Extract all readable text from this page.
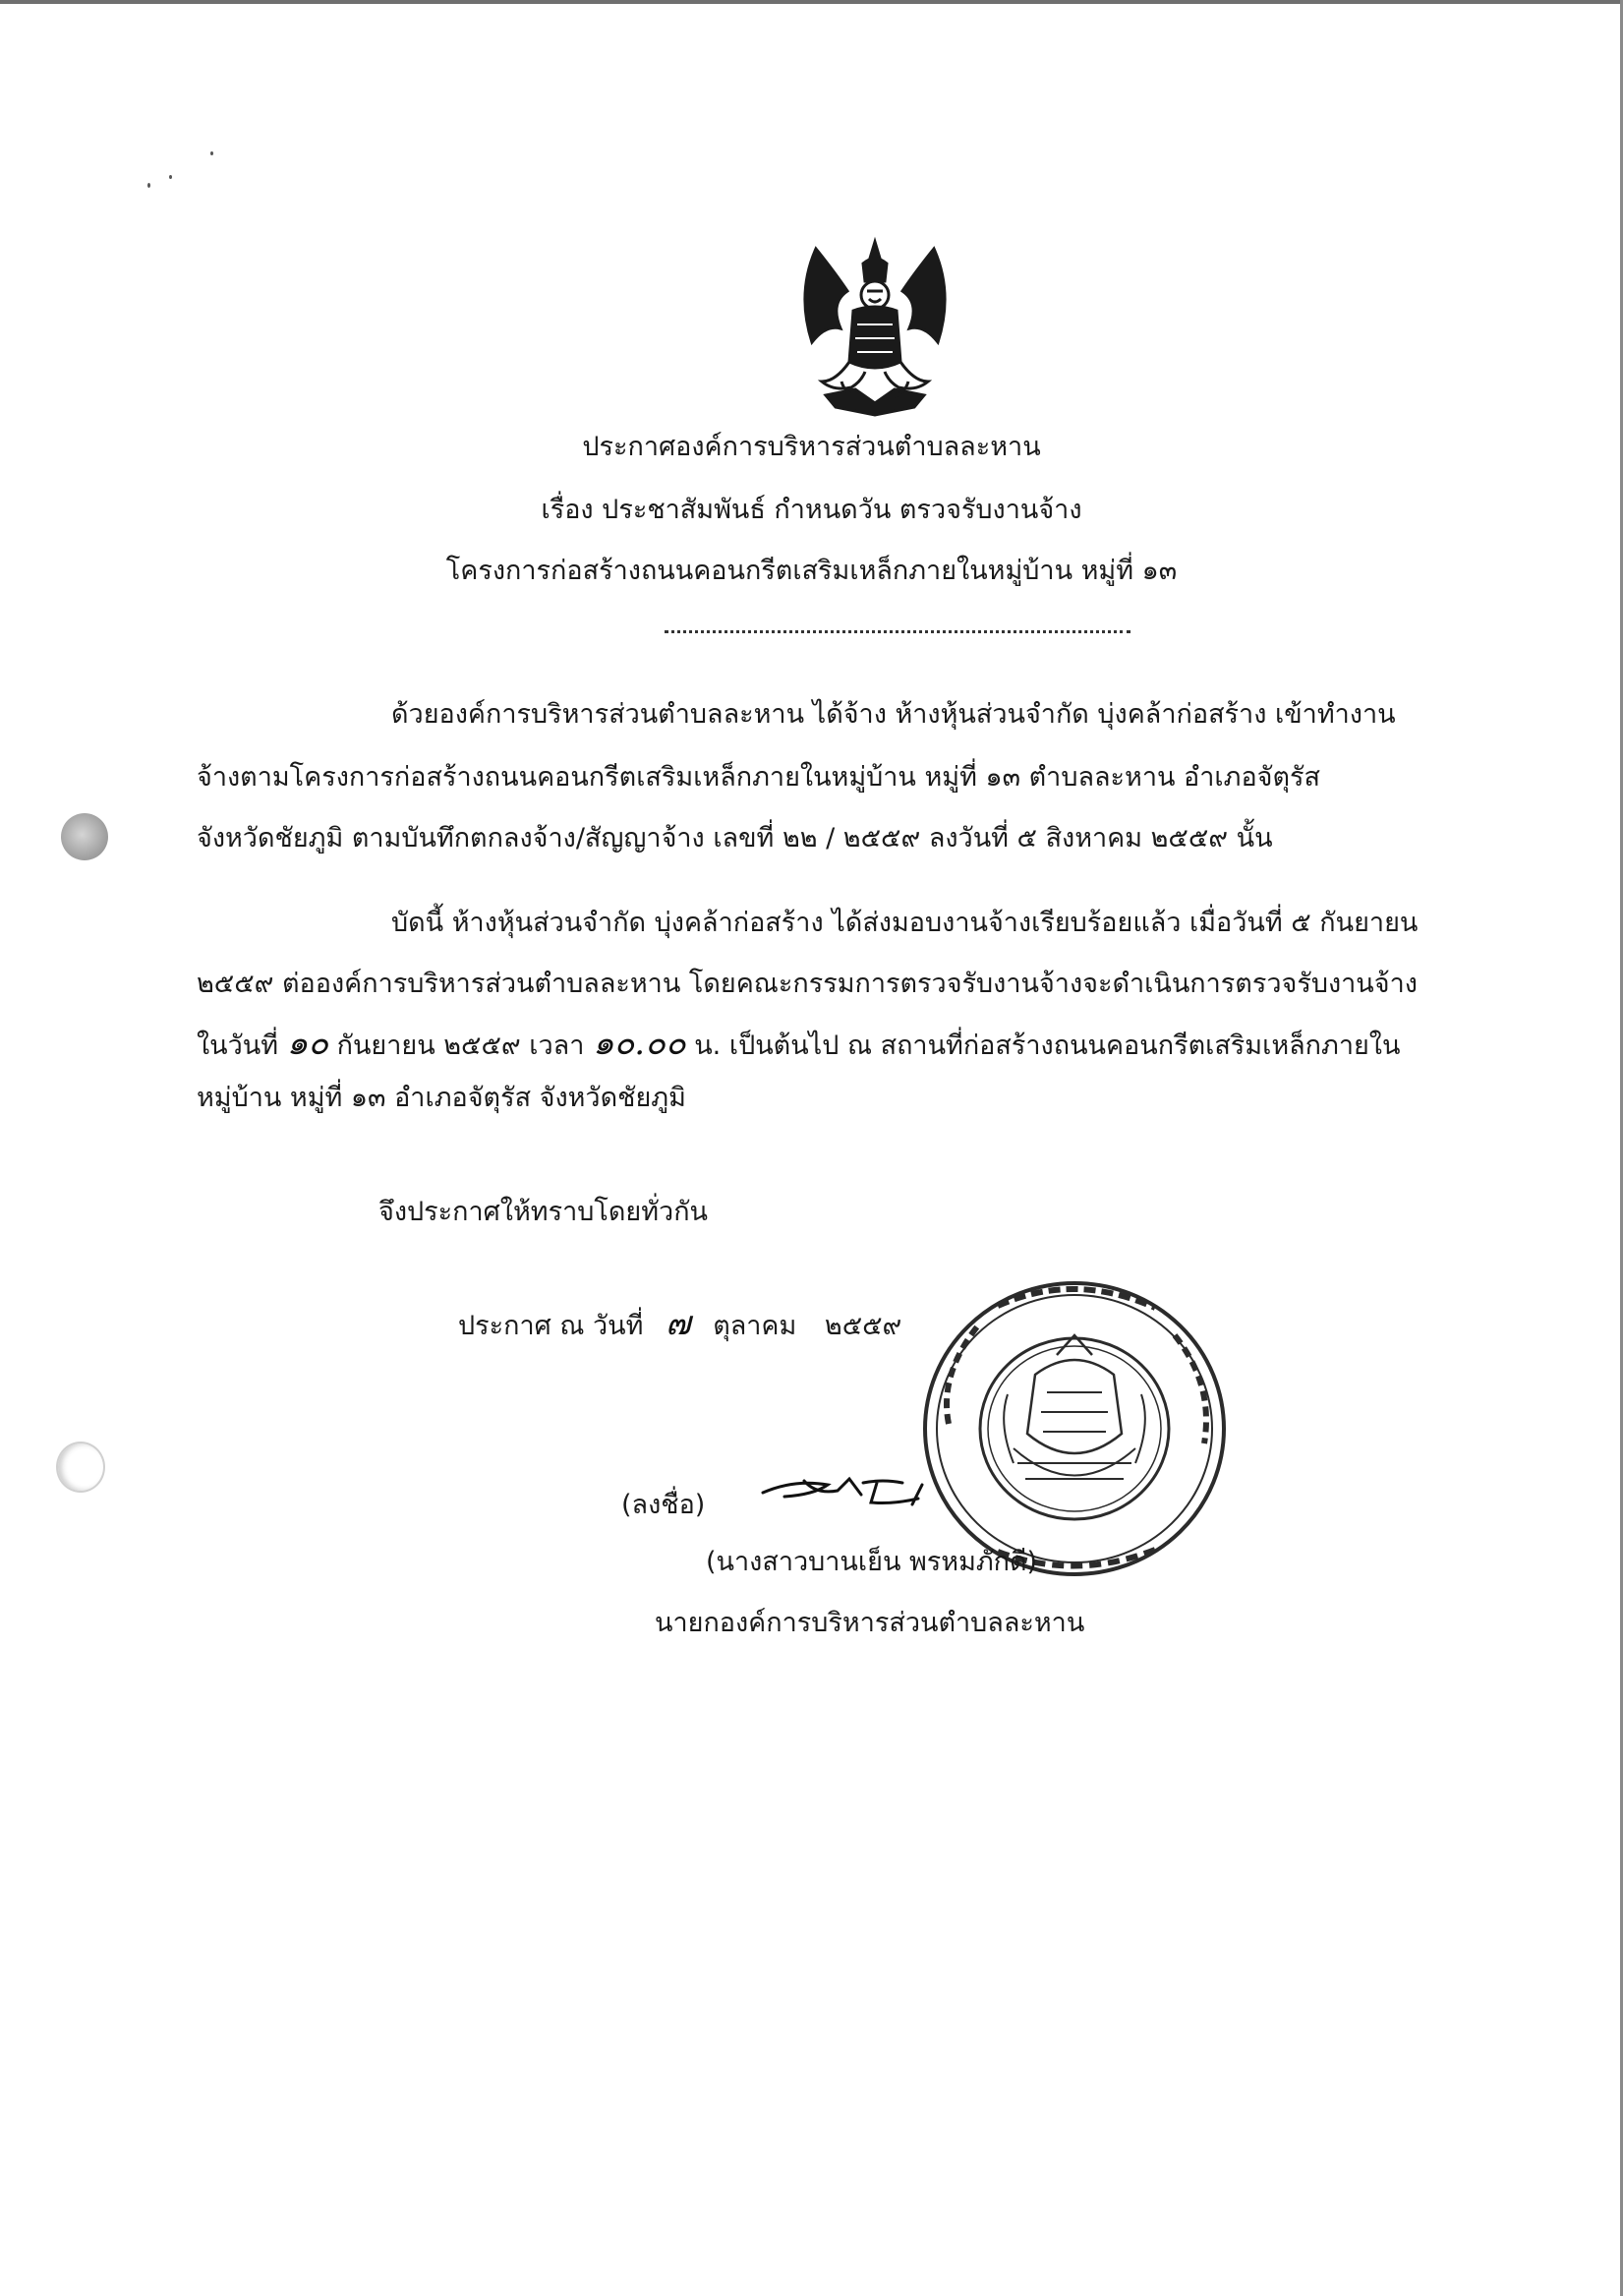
ประกาศองค์การบริหารส่วนตำบลละหาน
เรื่อง ประชาสัมพันธ์ กำหนดวัน ตรวจรับงานจ้าง
โครงการก่อสร้างถนนคอนกรีตเสริมเหล็กภายในหมู่บ้าน หมู่ที่ ๑๓
ด้วยองค์การบริหารส่วนตำบลละหาน ได้จ้าง ห้างหุ้นส่วนจำกัด บุ่งคล้าก่อสร้าง เข้าทำงาน
จ้างตามโครงการก่อสร้างถนนคอนกรีตเสริมเหล็กภายในหมู่บ้าน หมู่ที่ ๑๓ ตำบลละหาน อำเภอจัตุรัส
จังหวัดชัยภูมิ ตามบันทึกตกลงจ้าง/สัญญาจ้าง เลขที่ ๒๒ / ๒๕๕๙ ลงวันที่ ๕ สิงหาคม ๒๕๕๙ นั้น
บัดนี้ ห้างหุ้นส่วนจำกัด บุ่งคล้าก่อสร้าง ได้ส่งมอบงานจ้างเรียบร้อยแล้ว เมื่อวันที่ ๕ กันยายน
๒๕๕๙ ต่อองค์การบริหารส่วนตำบลละหาน โดยคณะกรรมการตรวจรับงานจ้างจะดำเนินการตรวจรับงานจ้าง
ในวันที่ ๑๐ กันยายน ๒๕๕๙ เวลา ๑๐.๐๐ น. เป็นต้นไป ณ สถานที่ก่อสร้างถนนคอนกรีตเสริมเหล็กภายใน
หมู่บ้าน หมู่ที่ ๑๓ อำเภอจัตุรัส จังหวัดชัยภูมิ
จึงประกาศให้ทราบโดยทั่วกัน
ประกาศ ณ วันที่ ๗ ตุลาคม ๒๕๕๙
(ลงชื่อ)
(นางสาวบานเย็น พรหมภักดี)
นายกองค์การบริหารส่วนตำบลละหาน
